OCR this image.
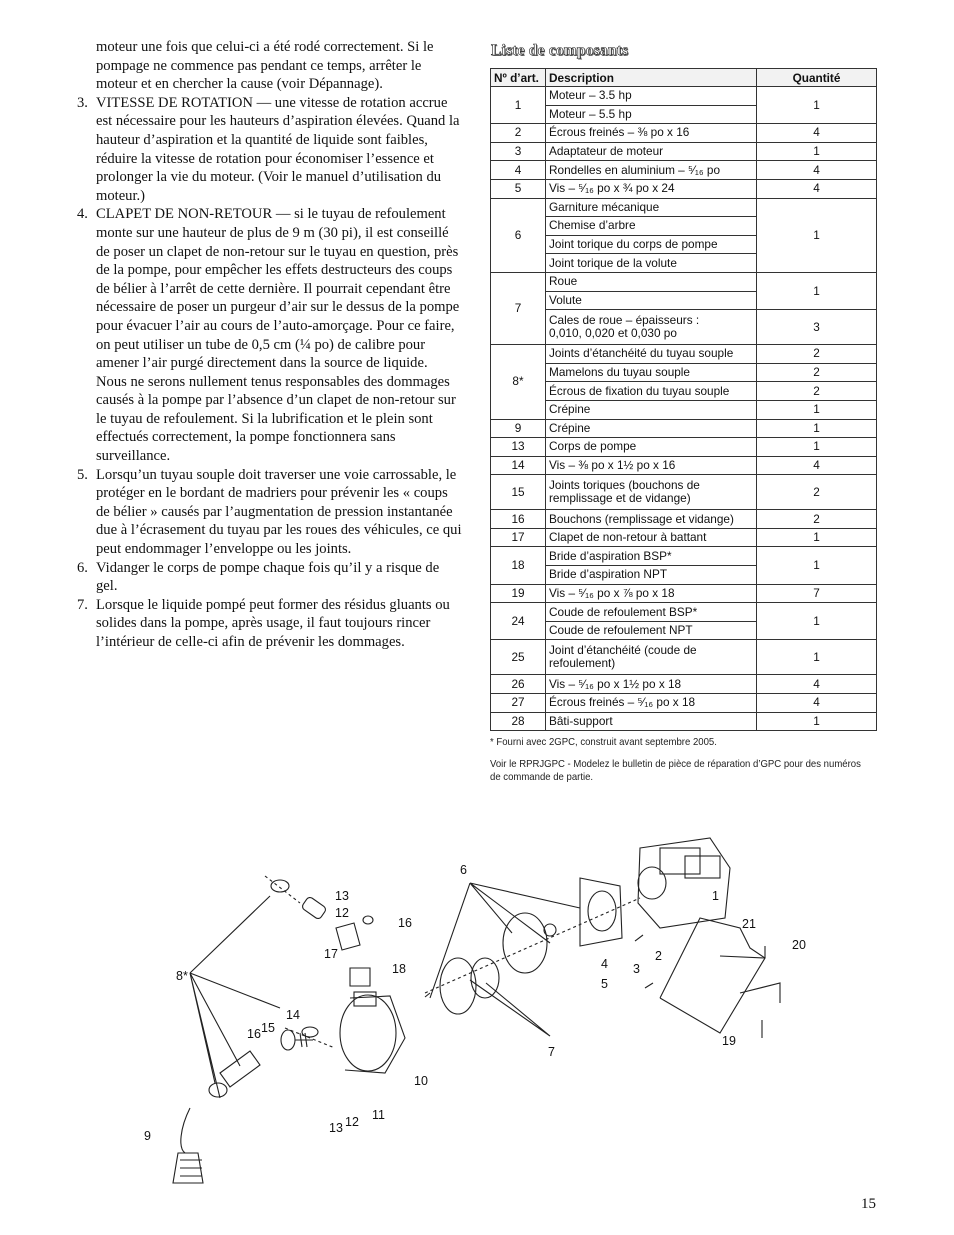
moteur une fois que celui-ci a été rodé correctement. Si le pompage ne commence pas pendant ce temps, arrêter le moteur et en chercher la cause (voir Dépannage).

3. VITESSE DE ROTATION — une vitesse de rotation accrue est nécessaire pour les hauteurs d’aspiration élevées. Quand la hauteur d’aspiration et la quantité de liquide sont faibles, réduire la vitesse de rotation pour économiser l’essence et prolonger la vie du moteur. (Voir le manuel d’utilisation du moteur.)

4. CLAPET DE NON-RETOUR — si le tuyau de refoulement monte sur une hauteur de plus de 9 m (30 pi), il est conseillé de poser un clapet de non-retour sur le tuyau en question, près de la pompe, pour empêcher les effets destructeurs des coups de bélier à l’arrêt de cette dernière. Il pourrait cependant être nécessaire de poser un purgeur d’air sur le dessus de la pompe pour évacuer l’air au cours de l’auto-amorçage. Pour ce faire, on peut utiliser un tube de 0,5 cm (¼ po) de calibre pour amener l’air purgé directement dans la source de liquide. Nous ne serons nullement tenus responsables des dommages causés à la pompe par l’absence d’un clapet de non-retour sur le tuyau de refoulement. Si la lubrification et le plein sont effectués correctement, la pompe fonctionnera sans surveillance.

5. Lorsqu’un tuyau souple doit traverser une voie carrossable, le protéger en le bordant de madriers pour prévenir les « coups de bélier » causés par l’augmentation de pression instantanée due à l’écrasement du tuyau par les roues des véhicules, ce qui peut endommager l’enveloppe ou les joints.

6. Vidanger le corps de pompe chaque fois qu’il y a risque de gel.

7. Lorsque le liquide pompé peut former des résidus gluants ou solides dans la pompe, après usage, il faut toujours rincer l’intérieur de celle-ci afin de prévenir les dommages.

Liste de composants
Nº d’art.	Description	Quantité
1	Moteur – 3.5 hp	1
	Moteur – 5.5 hp	
2	Écrous freinés – ⅜ po x 16	4
3	Adaptateur de moteur	1
4	Rondelles en aluminium – ⁵⁄₁₆ po	4
5	Vis – ⁵⁄₁₆ po x ¾ po x 24	4
6	Garniture mécanique	1
	Chemise d’arbre	
	Joint torique du corps de pompe	
	Joint torique de la volute	
7	Roue	1
	Volute	

	Cales de roue – épaisseurs :
0,010, 0,020 et 0,030 po	3
8*	Joints d’étanchéité du tuyau souple	2
	Mamelons du tuyau souple	2
	Écrous de fixation du tuyau souple	2
	Crépine	1
9	Crépine	1
13	Corps de pompe	1
14	Vis – ⅜ po x 1½ po x 16	4
15	Joints toriques (bouchons de
remplissage et de vidange)	2
16	Bouchons (remplissage et vidange)	2
17	Clapet de non-retour à battant	1
18	Bride d’aspiration BSP*	1
	Bride d’aspiration NPT	
19	Vis – ⁵⁄₁₆ po x ⅞ po x 18	7
24	Coude de refoulement BSP*	1
	Coude de refoulement NPT	
25	Joint d’étanchéité (coude de
refoulement)	1
26	Vis – ⁵⁄₁₆ po x 1½ po x 18	4
27	Écrous freinés – ⁵⁄₁₆ po x 18	4
28	Bâti-support	1

* Fourni avec 2GPC, construit avant septembre 2005.

Voir le RPRJGPC - Modelez le bulletin de pièce de réparation d’GPC pour des numéros de commande de partie.

6
1
13
12
16
17
18
8*
14
15
16
4
5
3
2
21
20
7
10
19
9
13 12 11
15
